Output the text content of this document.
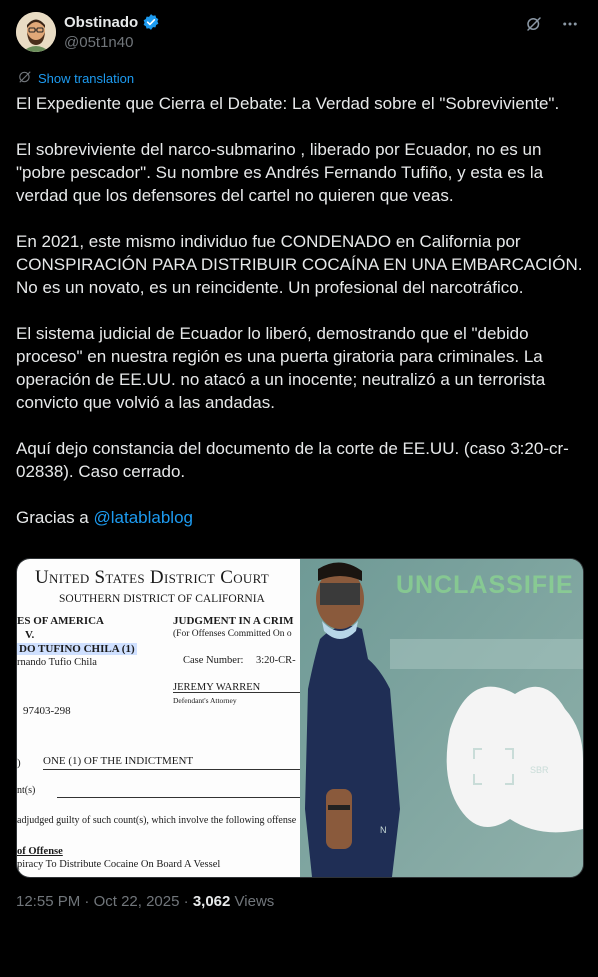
Obstinado
@05t1n40
Show translation

El Expediente que Cierra el Debate: La Verdad sobre el "Sobreviviente".

El sobreviviente del narco-submarino , liberado por Ecuador, no es un "pobre pescador". Su nombre es Andrés Fernando Tufiño, y esta es la verdad que los defensores del cartel no quieren que veas.

En 2021, este mismo individuo fue CONDENADO en California por CONSPIRACIÓN PARA DISTRIBUIR COCAÍNA EN UNA EMBARCACIÓN. No es un novato, es un reincidente. Un profesional del narcotráfico.

El sistema judicial de Ecuador lo liberó, demostrando que el "debido proceso" en nuestra región es una puerta giratoria para criminales. La operación de EE.UU. no atacó a un inocente; neutralizó a un terrorista convicto que volvió a las andadas.

Aquí dejo constancia del documento de la corte de EE.UU. (caso 3:20-cr-02838). Caso cerrado.

Gracias a @latablablog

United States District Court
SOUTHERN DISTRICT OF CALIFORNIA
ES OF AMERICA
V.
DO TUFINO CHILA (1)
rnando Tufio Chila
JUDGMENT IN A CRIM
(For Offenses Committed On o
Case Number: 3:20-CR-
JEREMY WARREN
Defendant's Attorney
97403-298
) ONE (1) OF THE INDICTMENT
nt(s)
adjudged guilty of such count(s), which involve the following offense
of Offense
piracy To Distribute Cocaine On Board A Vessel
UNCLASSIFIE
SBR
N
12:55 PM · Oct 22, 2025 · 3,062 Views
